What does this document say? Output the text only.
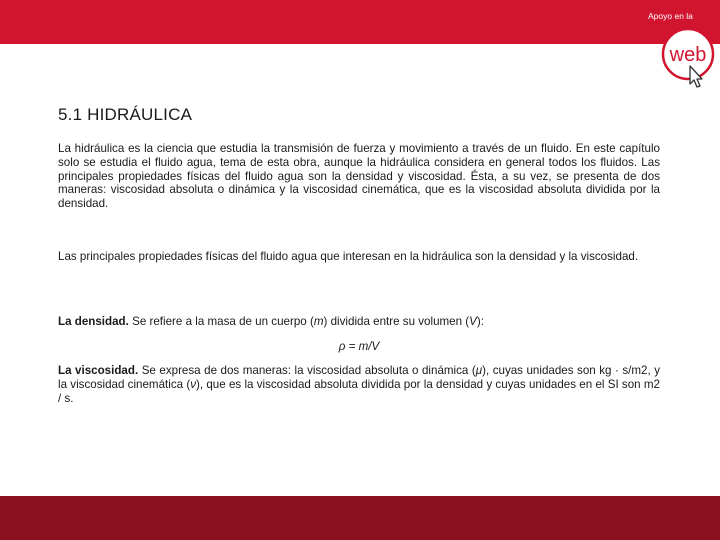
Apoyo en la
web
5.1 HIDRÁULICA

La hidráulica es la ciencia que estudia la transmisión de fuerza y movimiento a través de un fluido. En este capítulo solo se estudia el fluido agua, tema de esta obra, aunque la hidráulica considera en general todos los fluidos. Las principales propiedades físicas del fluido agua son la densidad y viscosidad. Ésta, a su vez, se presenta de dos maneras: viscosidad absoluta o dinámica y la viscosidad cinemática, que es la viscosidad absoluta dividida por la densidad.

Las principales propiedades físicas del fluido agua que interesan en la hidráulica son la densidad y la viscosidad.

La densidad. Se refiere a la masa de un cuerpo (m) dividida entre su volumen (V):

ρ = m/V

La viscosidad. Se expresa de dos maneras: la viscosidad absoluta o dinámica (μ), cuyas unidades son kg · s/m2, y la viscosidad cinemática (ν), que es la viscosidad absoluta dividida por la densidad y cuyas unidades en el SI son m2 / s.
